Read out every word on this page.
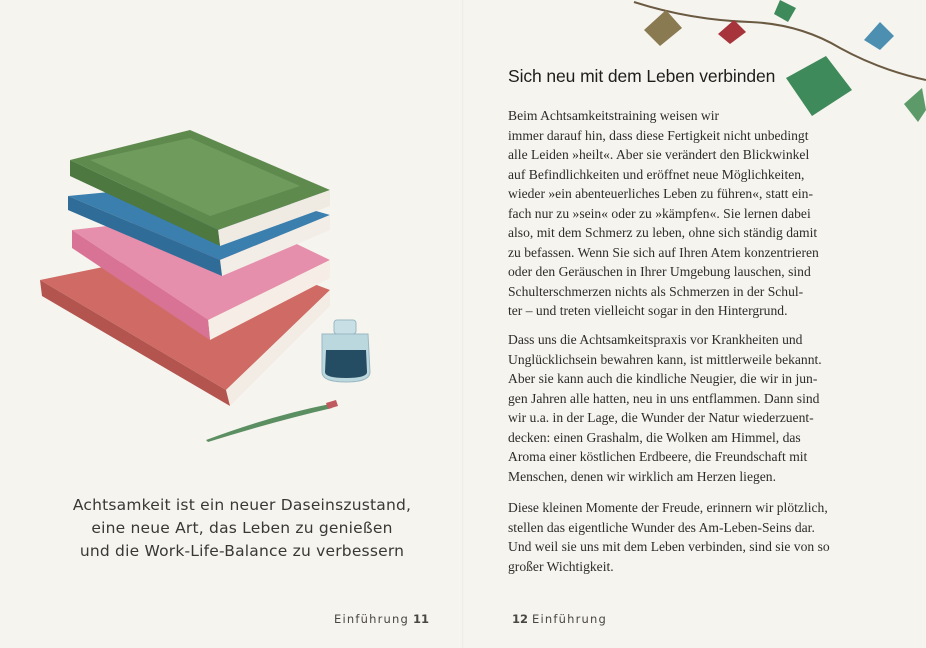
Achtsamkeit ist ein neuer Daseinszustand,
eine neue Art, das Leben zu genießen
und die Work-Life-Balance zu verbessern
Einführung 11
Sich neu mit dem Leben verbinden
Beim Achtsamkeitstraining weisen wir
immer darauf hin, dass diese Fertigkeit nicht unbedingt
alle Leiden »heilt«. Aber sie verändert den Blickwinkel
auf Befindlichkeiten und eröffnet neue Möglichkeiten,
wieder »ein abenteuerliches Leben zu führen«, statt ein-
fach nur zu »sein« oder zu »kämpfen«. Sie lernen dabei
also, mit dem Schmerz zu leben, ohne sich ständig damit
zu befassen. Wenn Sie sich auf Ihren Atem konzentrieren
oder den Geräuschen in Ihrer Umgebung lauschen, sind
Schulterschmerzen nichts als Schmerzen in der Schul-
ter – und treten vielleicht sogar in den Hintergrund.
Dass uns die Achtsamkeitspraxis vor Krankheiten und
Unglücklichsein bewahren kann, ist mittlerweile bekannt.
Aber sie kann auch die kindliche Neugier, die wir in jun-
gen Jahren alle hatten, neu in uns entflammen. Dann sind
wir u.a. in der Lage, die Wunder der Natur wiederzuent-
decken: einen Grashalm, die Wolken am Himmel, das
Aroma einer köstlichen Erdbeere, die Freundschaft mit
Menschen, denen wir wirklich am Herzen liegen.
Diese kleinen Momente der Freude, erinnern wir plötzlich,
stellen das eigentliche Wunder des Am-Leben-Seins dar.
Und weil sie uns mit dem Leben verbinden, sind sie von so
großer Wichtigkeit.
12 Einführung
